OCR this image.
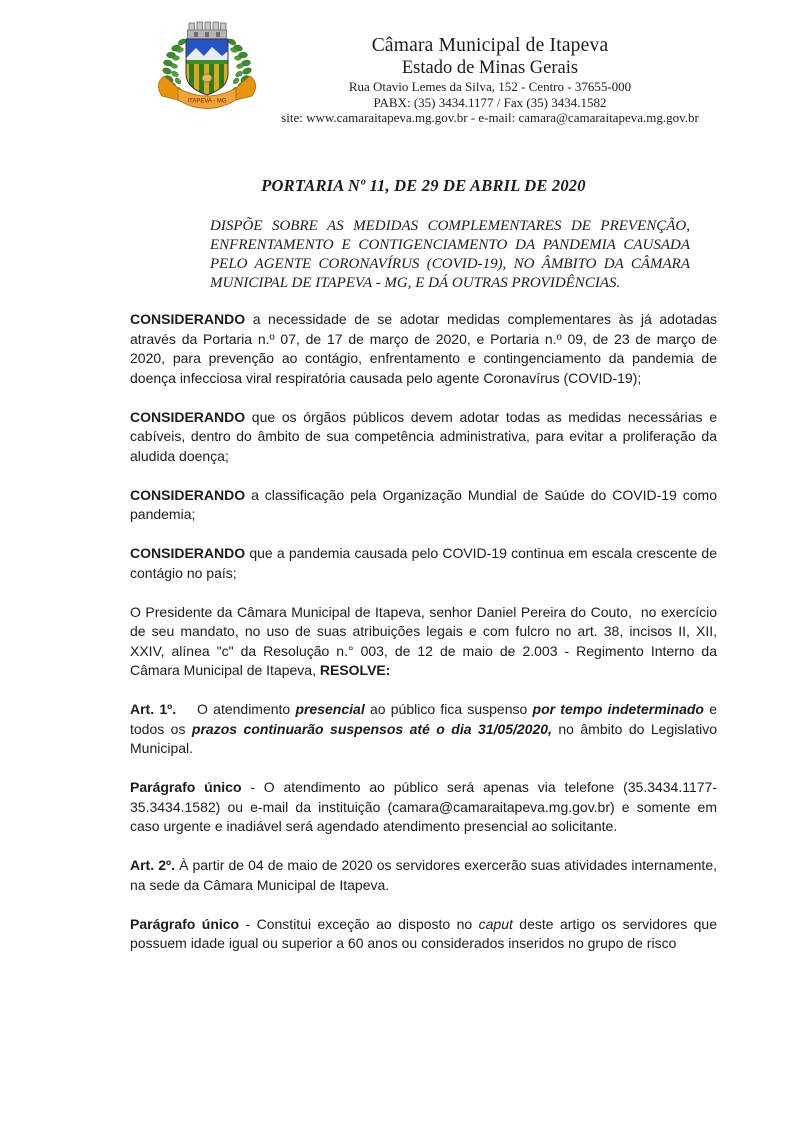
ITAPEVA - MG
Câmara Municipal de Itapeva
Estado de Minas Gerais
Rua Otavio Lemes da Silva, 152 - Centro - 37655-000
PABX: (35) 3434.1177 / Fax (35) 3434.1582
site: www.camaraitapeva.mg.gov.br - e-mail: camara@camaraitapeva.mg.gov.br
PORTARIA Nº 11, DE 29 DE ABRIL DE 2020

DISPÕE SOBRE AS MEDIDAS COMPLEMENTARES DE PREVENÇÃO, ENFRENTAMENTO E CONTIGENCIAMENTO DA PANDEMIA CAUSADA PELO AGENTE CORONAVÍRUS (COVID-19), NO ÂMBITO DA CÂMARA MUNICIPAL DE ITAPEVA - MG, E DÁ OUTRAS PROVIDÊNCIAS.

CONSIDERANDO a necessidade de se adotar medidas complementares às já adotadas através da Portaria n.º 07, de 17 de março de 2020, e Portaria n.º 09, de 23 de março de 2020, para prevenção ao contágio, enfrentamento e contingenciamento da pandemia de doença infecciosa viral respiratória causada pelo agente Coronavírus (COVID-19);

CONSIDERANDO que os órgãos públicos devem adotar todas as medidas necessárias e cabíveis, dentro do âmbito de sua competência administrativa, para evitar a proliferação da aludida doença;

CONSIDERANDO a classificação pela Organização Mundial de Saúde do COVID-19 como pandemia;

CONSIDERANDO que a pandemia causada pelo COVID-19 continua em escala crescente de contágio no país;

O Presidente da Câmara Municipal de Itapeva, senhor Daniel Pereira do Couto,  no exercício de seu mandato, no uso de suas atribuições legais e com fulcro no art. 38, incisos II, XII, XXIV, alínea "c" da Resolução n.° 003, de 12 de maio de 2.003 - Regimento Interno da Câmara Municipal de Itapeva, RESOLVE:

Art. 1º.    O atendimento presencial ao público fica suspenso por tempo indeterminado e todos os prazos continuarão suspensos até o dia 31/05/2020, no âmbito do Legislativo Municipal.

Parágrafo único - O atendimento ao público será apenas via telefone (35.3434.1177-35.3434.1582) ou e-mail da instituição (camara@camaraitapeva.mg.gov.br) e somente em caso urgente e inadiável será agendado atendimento presencial ao solicitante.

Art. 2º. À partir de 04 de maio de 2020 os servidores exercerão suas atividades internamente, na sede da Câmara Municipal de Itapeva.

Parágrafo único - Constitui exceção ao disposto no caput deste artigo os servidores que possuem idade igual ou superior a 60 anos ou considerados inseridos no grupo de risco
